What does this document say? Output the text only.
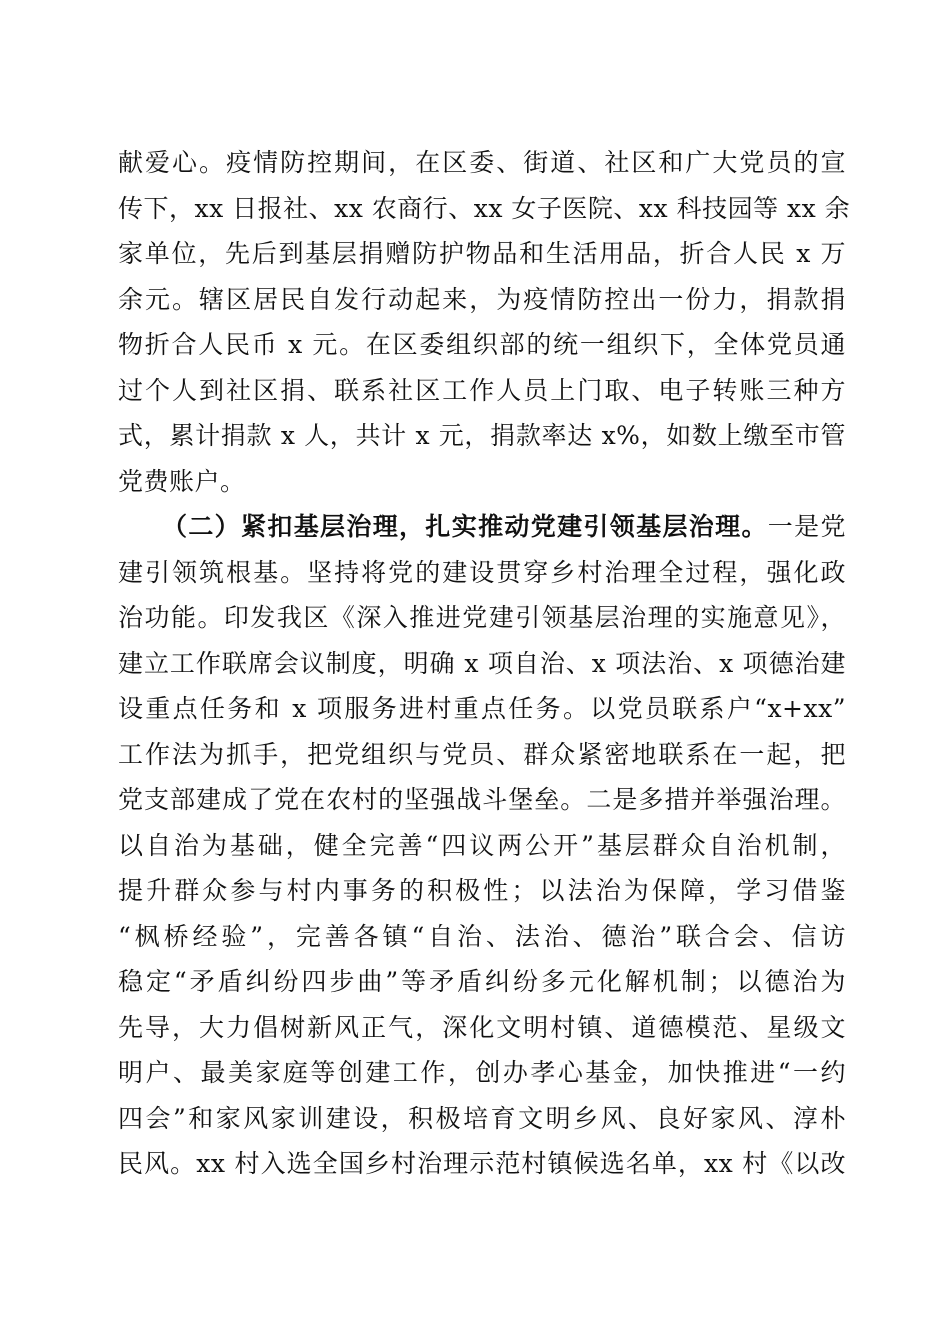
献爱心。疫情防控期间，在区委、街道、社区和广大党员的宣
传下，xx 日报社、xx 农商行、xx 女子医院、xx 科技园等 xx 余
家单位，先后到基层捐赠防护物品和生活用品，折合人民 x 万
余元。辖区居民自发行动起来，为疫情防控出一份力，捐款捐
物折合人民币 x 元。在区委组织部的统一组织下，全体党员通
过个人到社区捐、联系社区工作人员上门取、电子转账三种方
式，累计捐款 x 人，共计 x 元，捐款率达 x%，如数上缴至市管
党费账户。
（二）紧扣基层治理，扎实推动党建引领基层治理。一是党
建引领筑根基。坚持将党的建设贯穿乡村治理全过程，强化政
治功能。印发我区《深入推进党建引领基层治理的实施意见》，
建立工作联席会议制度，明确 x 项自治、x 项法治、x 项德治建
设重点任务和 x 项服务进村重点任务。以党员联系户“x+xx”
工作法为抓手，把党组织与党员、群众紧密地联系在一起，把
党支部建成了党在农村的坚强战斗堡垒。二是多措并举强治理。
以自治为基础，健全完善“四议两公开”基层群众自治机制，
提升群众参与村内事务的积极性；以法治为保障，学习借鉴
“枫桥经验”，完善各镇“自治、法治、德治”联合会、信访
稳定“矛盾纠纷四步曲”等矛盾纠纷多元化解机制；以德治为
先导，大力倡树新风正气，深化文明村镇、道德模范、星级文
明户、最美家庭等创建工作，创办孝心基金，加快推进“一约
四会”和家风家训建设，积极培育文明乡风、良好家风、淳朴
民风。xx 村入选全国乡村治理示范村镇候选名单，xx 村《以改
